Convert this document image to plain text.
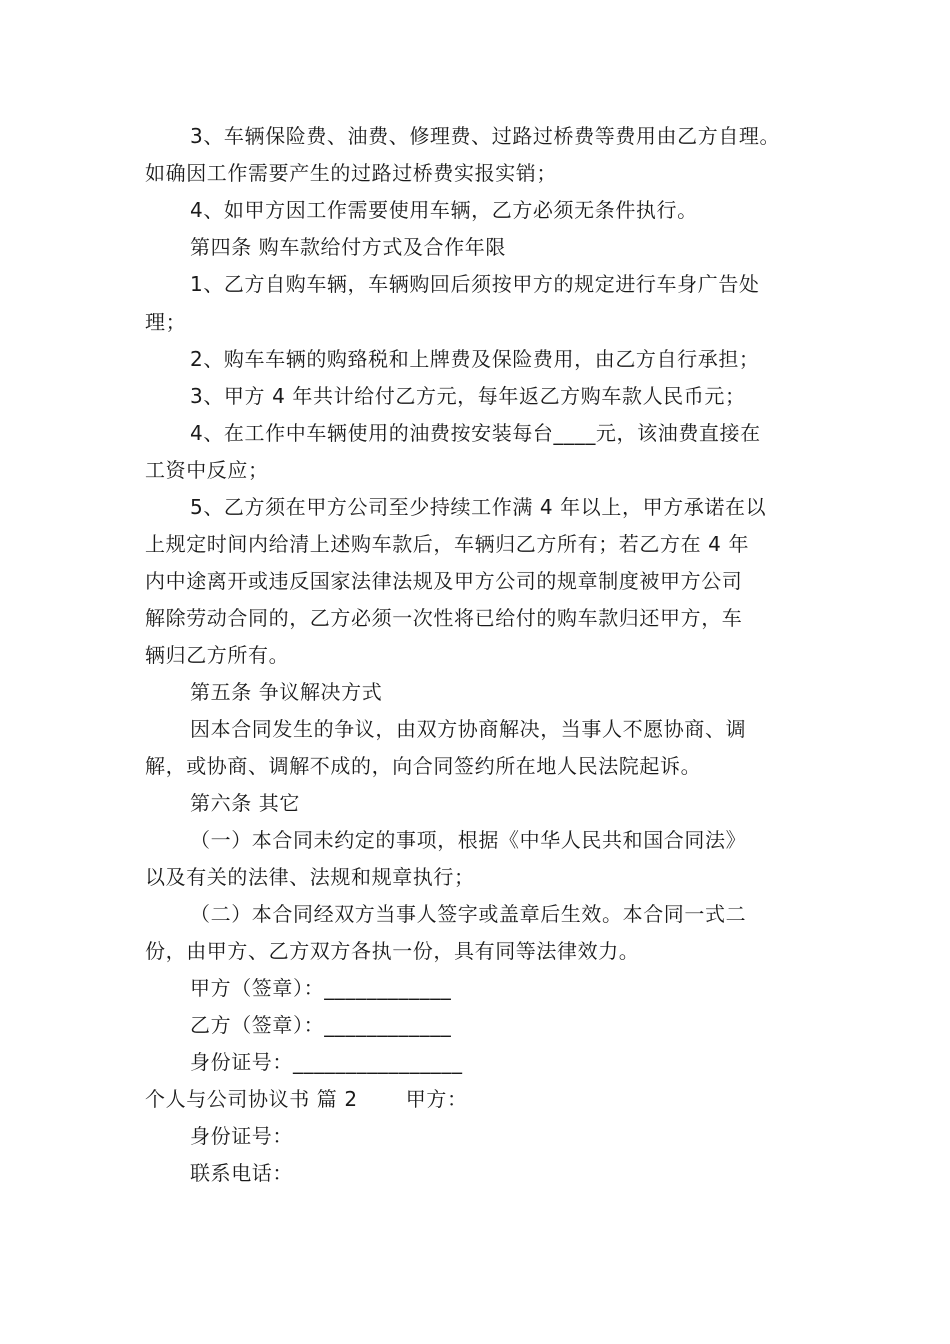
3、车辆保险费、油费、修理费、过路过桥费等费用由乙方自理。
如确因工作需要产生的过路过桥费实报实销；
4、如甲方因工作需要使用车辆，乙方必须无条件执行。
第四条 购车款给付方式及合作年限
1、乙方自购车辆，车辆购回后须按甲方的规定进行车身广告处
理；
2、购车车辆的购臵税和上牌费及保险费用，由乙方自行承担；
3、甲方 4 年共计给付乙方元，每年返乙方购车款人民币元；
4、在工作中车辆使用的油费按安装每台____元，该油费直接在
工资中反应；
5、乙方须在甲方公司至少持续工作满 4 年以上，甲方承诺在以
上规定时间内给清上述购车款后，车辆归乙方所有；若乙方在 4 年
内中途离开或违反国家法律法规及甲方公司的规章制度被甲方公司
解除劳动合同的，乙方必须一次性将已给付的购车款归还甲方，车
辆归乙方所有。
第五条 争议解决方式
因本合同发生的争议，由双方协商解决，当事人不愿协商、调
解，或协商、调解不成的，向合同签约所在地人民法院起诉。
第六条 其它
（一）本合同未约定的事项，根据《中华人民共和国合同法》
以及有关的法律、法规和规章执行；
（二）本合同经双方当事人签字或盖章后生效。本合同一式二
份，由甲方、乙方双方各执一份，具有同等法律效力。
甲方（签章）：____________
乙方（签章）：____________
身份证号：________________
个人与公司协议书 篇 2　　 甲方：
身份证号：
联系电话：
